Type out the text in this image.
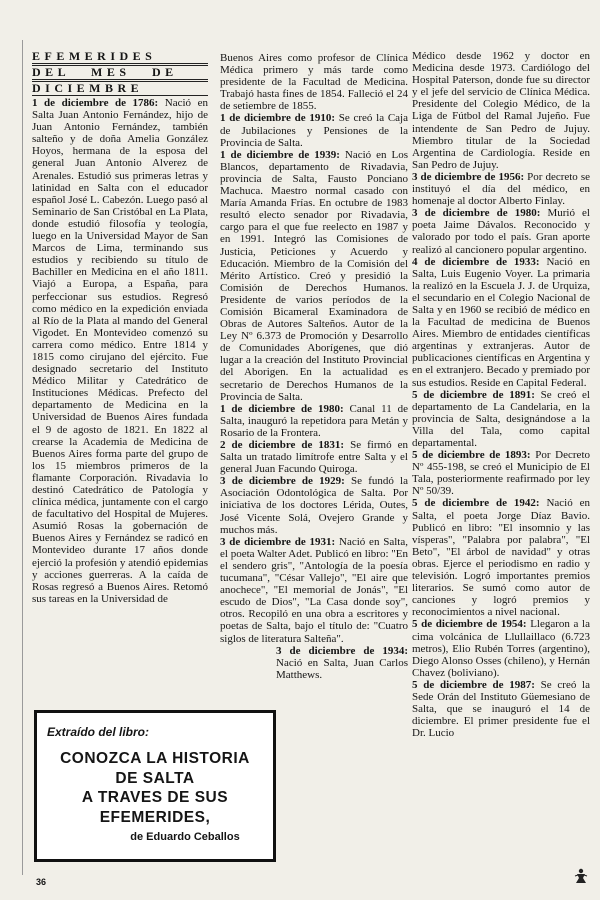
EFEMERIDES
DEL MES DE
DICIEMBRE

1 de diciembre de 1786: Nació en Salta Juan Antonio Fernández, hijo de Juan Antonio Fernández, también salteño y de doña Amelia González Hoyos, hermana de la esposa del general Juan Antonio Alverez de Arenales. Estudió sus primeras letras y latinidad en Salta con el educador español José L. Cabezón. Luego pasó al Seminario de San Cristóbal en La Plata, donde estudió filosofía y teología, luego en la Universidad Mayor de San Marcos de Lima, terminando sus estudios y recibiendo su título de Bachiller en Medicina en el año 1811. Viajó a Europa, a España, para perfeccionar sus estudios. Regresó como médico en la expedición enviada al Río de la Plata al mando del General Vigodet. En Montevideo comenzó su carrera como médico. Entre 1814 y 1815 como cirujano del ejército. Fue designado secretario del Instituto Médico Militar y Catedrático de Instituciones Médicas. Prefecto del departamento de Medicina en la Universidad de Buenos Aires fundada el 9 de agosto de 1821. En 1822 al crearse la Academia de Medicina de Buenos Aires forma parte del grupo de los 15 miembros primeros de la flamante Corporación. Rivadavia lo destinó Catedrático de Patología y clínica médica, juntamente con el cargo de facultativo del Hospital de Mujeres. Asumió Rosas la gobernación de Buenos Aires y Fernández se radicó en Montevideo durante 17 años donde ejerció la profesión y atendió epidemias y acciones guerreras. A la caída de Rosas regresó a Buenos Aires. Retomó sus tareas en la Universidad de

Buenos Aires como profesor de Clínica Médica primero y más tarde como presidente de la Facultad de Medicina. Trabajó hasta fines de 1854. Falleció el 24 de setiembre de 1855.

1 de diciembre de 1910: Se creó la Caja de Jubilaciones y Pensiones de la Provincia de Salta.

1 de diciembre de 1939: Nació en Los Blancos, departamento de Rivadavia, provincia de Salta, Fausto Ponciano Machuca. Maestro normal casado con María Amanda Frías. En octubre de 1983 resultó electo senador por Rivadavia, cargo para el que fue reelecto en 1987 y en 1991. Integró las Comisiones de Justicia, Peticiones y Acuerdo y Educación. Miembro de la Comisión del Mérito Artístico. Creó y presidió la Comisión de Derechos Humanos. Presidente de varios períodos de la Comisión Bicameral Examinadora de Obras de Autores Salteños. Autor de la Ley Nº 6.373 de Promoción y Desarrollo de Comunidades Aborígenes, que dió lugar a la creación del Instituto Provincial del Aborigen. En la actualidad es secretario de Derechos Humanos de la Provincia de Salta.

1 de diciembre de 1980: Canal 11 de Salta, inauguró la repetidora para Metán y Rosario de la Frontera.

2 de diciembre de 1831: Se firmó en Salta un tratado limítrofe entre Salta y el general Juan Facundo Quiroga.

3 de diciembre de 1929: Se fundó la Asociación Odontológica de Salta. Por iniciativa de los doctores Lérida, Outes, José Vicente Solá, Ovejero Grande y muchos más.

3 de diciembre de 1931: Nació en Salta, el poeta Walter Adet. Publicó en libro: "En el sendero gris", "Antología de la poesía tucumana", "César Vallejo", "El aire que anochece", "El memorial de Jonás", "El escudo de Dios", "La Casa donde soy", otros. Recopiló en una obra a escritores y poetas de Salta, bajo el título de: "Cuatro siglos de literatura Salteña".

3 de diciembre de 1934: Nació en Salta, Juan Carlos Matthews.

Médico desde 1962 y doctor en Medicina desde 1973. Cardiólogo del Hospital Paterson, donde fue su director y el jefe del servicio de Clínica Médica. Presidente del Colegio Médico, de la Liga de Fútbol del Ramal Jujeño. Fue intendente de San Pedro de Jujuy. Miembro titular de la Sociedad Argentina de Cardiología. Reside en San Pedro de Jujuy.

3 de diciembre de 1956: Por decreto se instituyó el día del médico, en homenaje al doctor Alberto Finlay.

3 de diciembre de 1980: Murió el poeta Jaime Dávalos. Reconocido y valorado por todo el país. Gran aporte realizó al cancionero popular argentino.

4 de diciembre de 1933: Nació en Salta, Luis Eugenio Voyer. La primaria la realizó en la Escuela J. J. de Urquiza, el secundario en el Colegio Nacional de Salta y en 1960 se recibió de médico en la Facultad de medicina de Buenos Aires. Miembro de entidades científicas argentinas y extranjeras. Autor de publicaciones científicas en Argentina y en el extranjero. Becado y premiado por sus estudios. Reside en Capital Federal.

5 de diciembre de 1891: Se creó el departamento de La Candelaria, en la provincia de Salta, designándose a la Villa del Tala, como capital departamental.

5 de diciembre de 1893: Por Decreto Nº 455-198, se creó el Municipio de El Tala, posteriormente reafirmado por ley Nº 50/39.

5 de diciembre de 1942: Nació en Salta, el poeta Jorge Díaz Bavio. Publicó en libro: "El insomnio y las vísperas", "Palabra por palabra", "El Beto", "El árbol de navidad" y otras obras. Ejerce el periodismo en radio y televisión. Logró importantes premios literarios. Se sumó como autor de canciones y logró premios y reconocimientos a nivel nacional.

5 de diciembre de 1954: Llegaron a la cima volcánica de Llullaillaco (6.723 metros), Elio Rubén Torres (argentino), Diego Alonso Osses (chileno), y Hernán Chavez (boliviano).

5 de diciembre de 1987: Se creó la Sede Orán del Instituto Güemesiano de Salta, que se inauguró el 14 de diciembre. El primer presidente fue el Dr. Lucio

Extraído del libro:
CONOZCA LA HISTORIA
DE SALTA
A TRAVES DE SUS
EFEMERIDES,
de Eduardo Ceballos
36
